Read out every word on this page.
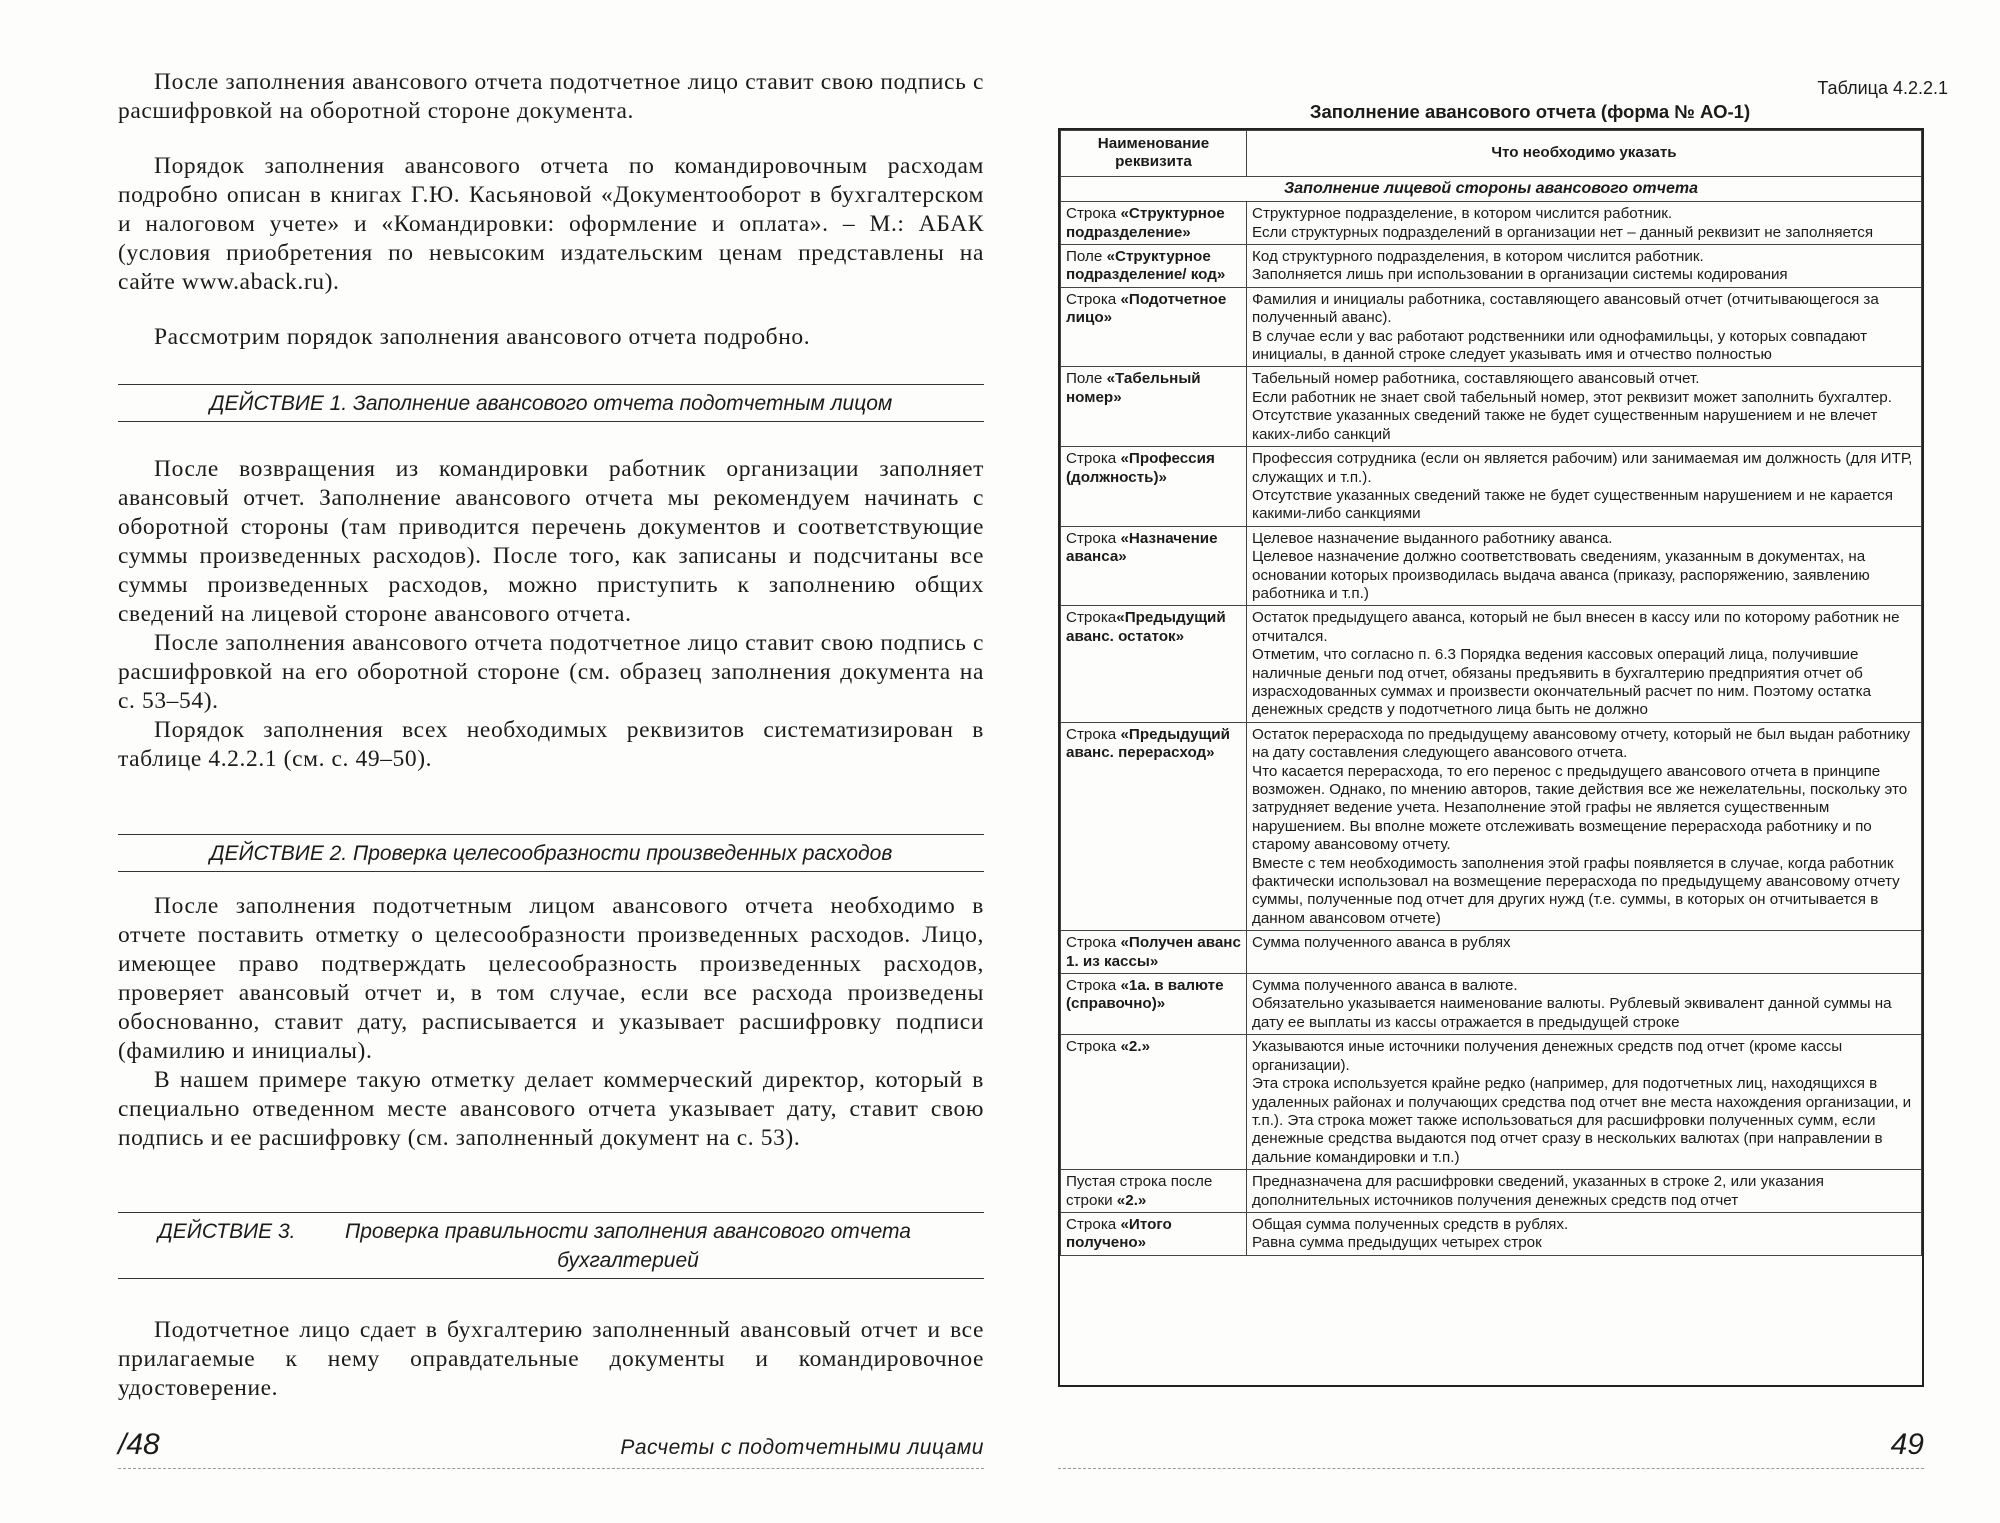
После заполнения авансового отчета подотчетное лицо ставит свою подпись с расшифровкой на оборотной стороне документа.

Порядок заполнения авансового отчета по командировочным расходам подробно описан в книгах Г.Ю. Касьяновой «Документооборот в бухгалтерском и налоговом учете» и «Командировки: оформление и оплата». – М.: АБАК (условия приобретения по невысоким издательским ценам представлены на сайте www.aback.ru).

Рассмотрим порядок заполнения авансового отчета подробно.

ДЕЙСТВИЕ 1. Заполнение авансового отчета подотчетным лицом

После возвращения из командировки работник организации заполняет авансовый отчет. Заполнение авансового отчета мы рекомендуем начинать с оборотной стороны (там приводится перечень документов и соответствующие суммы произведенных расходов). После того, как записаны и подсчитаны все суммы произведенных расходов, можно приступить к заполнению общих сведений на лицевой стороне авансового отчета.

После заполнения авансового отчета подотчетное лицо ставит свою подпись с расшифровкой на его оборотной стороне (см. образец заполнения документа на с. 53–54).

Порядок заполнения всех необходимых реквизитов систематизирован в таблице 4.2.2.1 (см. с. 49–50).

ДЕЙСТВИЕ 2. Проверка целесообразности произведенных расходов

После заполнения подотчетным лицом авансового отчета необходимо в отчете поставить отметку о целесообразности произведенных расходов. Лицо, имеющее право подтверждать целесообразность произведенных расходов, проверяет авансовый отчет и, в том случае, если все расхода произведены обоснованно, ставит дату, расписывается и указывает расшифровку подписи (фамилию и инициалы).

В нашем примере такую отметку делает коммерческий директор, который в специально отведенном месте авансового отчета указывает дату, ставит свою подпись и ее расшифровку (см. заполненный документ на с. 53).

ДЕЙСТВИЕ 3. Проверка правильности заполнения авансового отчета бухгалтерией

Подотчетное лицо сдает в бухгалтерию заполненный авансовый отчет и все прилагаемые к нему оправдательные документы и командировочное удостоверение.

/48	Расчеты с подотчетными лицами
Таблица 4.2.2.1
Заполнение авансового отчета (форма № АО-1)
Наименование реквизита	Что необходимо указать
Заполнение лицевой стороны авансового отчета	
Строка «Структурное подразделение»	Структурное подразделение, в котором числится работник.
Если структурных подразделений в организации нет – данный реквизит не заполняется
Поле «Структурное подразделение/ код»	Код структурного подразделения, в котором числится работник.
Заполняется лишь при использовании в организации системы кодирования
Строка «Подотчетное лицо»	Фамилия и инициалы работника, составляющего авансовый отчет (отчитывающегося за полученный аванс).
В случае если у вас работают родственники или однофамильцы, у которых совпадают инициалы, в данной строке следует указывать имя и отчество полностью
Поле «Табельный номер»	Табельный номер работника, составляющего авансовый отчет.
Если работник не знает свой табельный номер, этот реквизит может заполнить бухгалтер. Отсутствие указанных сведений также не будет существенным нарушением и не влечет каких-либо санкций
Строка «Профессия (должность)»	Профессия сотрудника (если он является рабочим) или занимаемая им должность (для ИТР, служащих и т.п.).
Отсутствие указанных сведений также не будет существенным нарушением и не карается какими-либо санкциями
Строка «Назначение аванса»	Целевое назначение выданного работнику аванса.
Целевое назначение должно соответствовать сведениям, указанным в документах, на основании которых производилась выдача аванса (приказу, распоряжению, заявлению работника и т.п.)
Строка«Предыдущий аванс. остаток»	Остаток предыдущего аванса, который не был внесен в кассу или по которому работник не отчитался.
Отметим, что согласно п. 6.3 Порядка ведения кассовых операций лица, получившие наличные деньги под отчет, обязаны предъявить в бухгалтерию предприятия отчет об израсходованных суммах и произвести окончательный расчет по ним. Поэтому остатка денежных средств у подотчетного лица быть не должно
Строка «Предыдущий аванс. перерасход»	Остаток перерасхода по предыдущему авансовому отчету, который не был выдан работнику на дату составления следующего авансового отчета.
Что касается перерасхода, то его перенос с предыдущего авансового отчета в принципе возможен. Однако, по мнению авторов, такие действия все же нежелательны, поскольку это затрудняет ведение учета. Незаполнение этой графы не является существенным нарушением. Вы вполне можете отслеживать возмещение перерасхода работнику и по старому авансовому отчету.
Вместе с тем необходимость заполнения этой графы появляется в случае, когда работник фактически использовал на возмещение перерасхода по предыдущему авансовому отчету суммы, полученные под отчет для других нужд (т.е. суммы, в которых он отчитывается в данном авансовом отчете)
Строка «Получен аванс 1. из кассы»	Сумма полученного аванса в рублях
Строка «1а. в валюте (справочно)»	Сумма полученного аванса в валюте.
Обязательно указывается наименование валюты. Рублевый эквивалент данной суммы на дату ее выплаты из кассы отражается в предыдущей строке
Строка «2.»	Указываются иные источники получения денежных средств под отчет (кроме кассы организации).
Эта строка используется крайне редко (например, для подотчетных лиц, находящихся в удаленных районах и получающих средства под отчет вне места нахождения организации, и т.п.). Эта строка может также использоваться для расшифровки полученных сумм, если денежные средства выдаются под отчет сразу в нескольких валютах (при направлении в дальние командировки и т.п.)
Пустая строка после строки «2.»	Предназначена для расшифровки сведений, указанных в строке 2, или указания дополнительных источников получения денежных средств под отчет
Строка «Итого получено»	Общая сумма полученных средств в рублях.
Равна сумма предыдущих четырех строк
49
